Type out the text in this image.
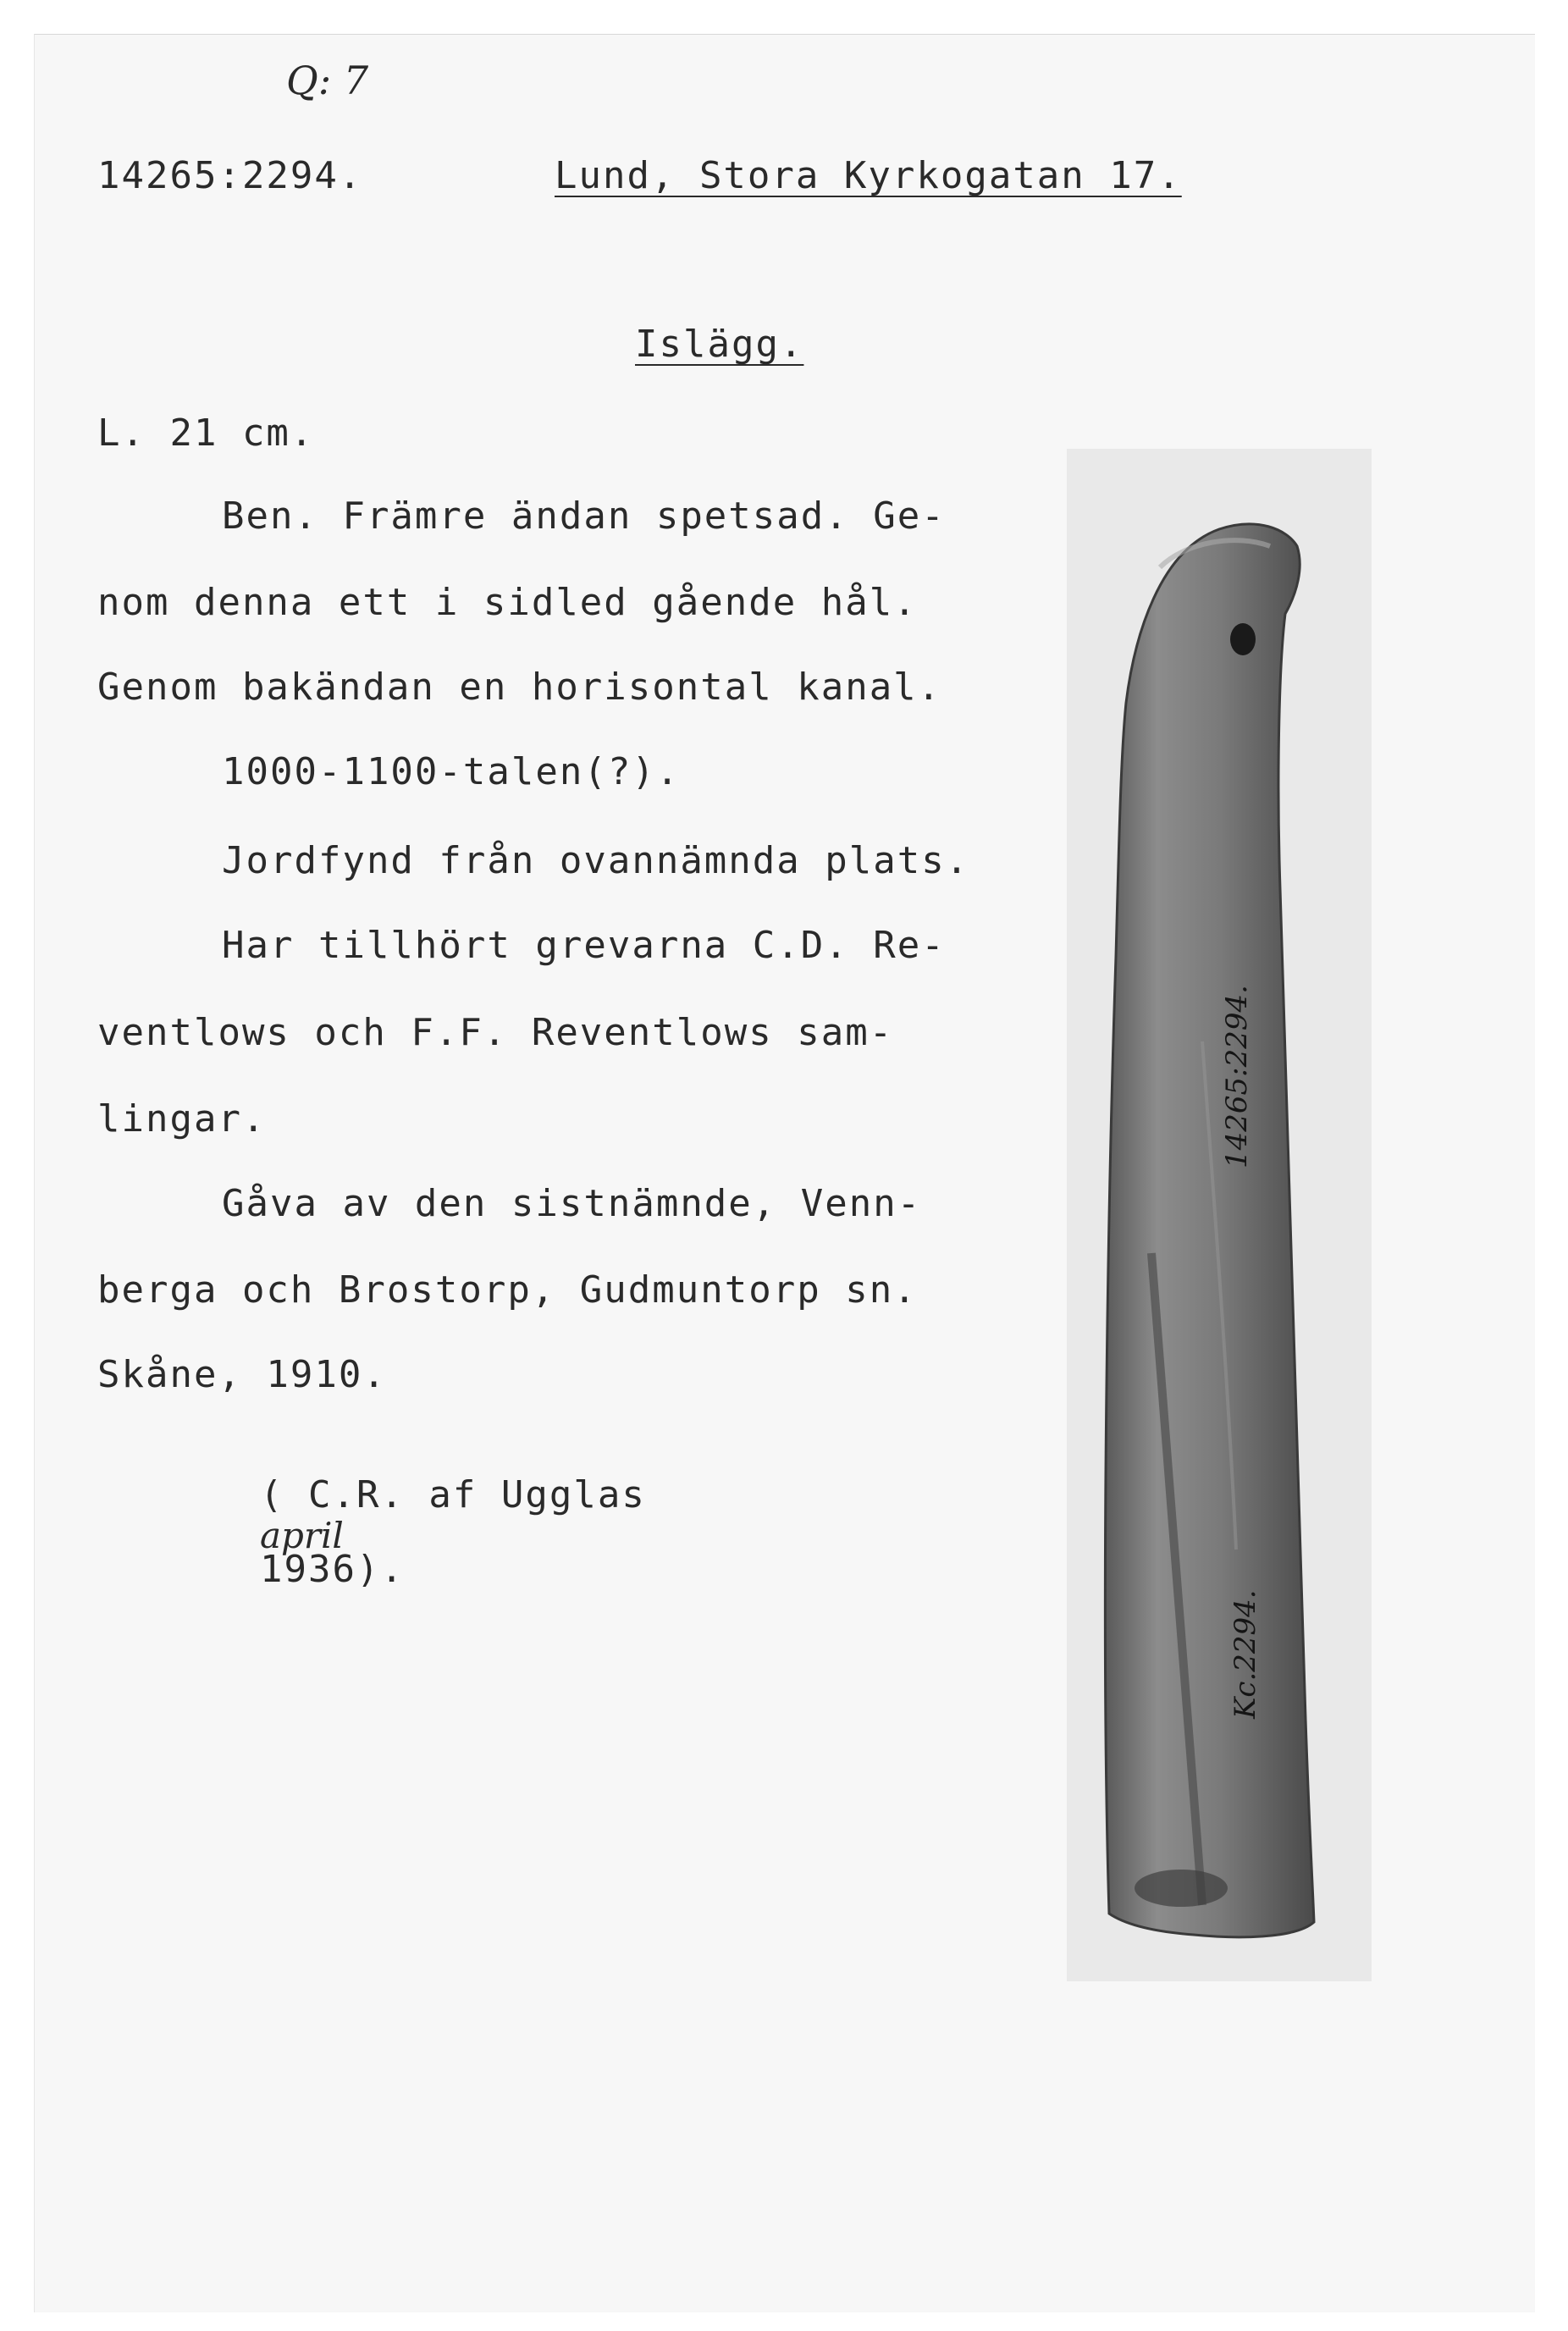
Q: 7
14265:2294.	Lund, Stora Kyrkogatan 17.
Islägg.
L. 21 cm.
Ben. Främre ändan spetsad. Ge-
nom denna ett i sidled gående hål.
Genom bakändan en horisontal kanal.
1000-1100-talen(?).
Jordfynd från ovannämnda plats.
Har tillhört grevarna C.D. Re-
ventlows och F.F. Reventlows sam-
lingar.
Gåva av den sistnämnde, Venn-
berga och Brostorp, Gudmuntorp sn.
Skåne, 1910.

( C.R. af Ugglas
april
1936).

14265:2294.
Kc.2294.
